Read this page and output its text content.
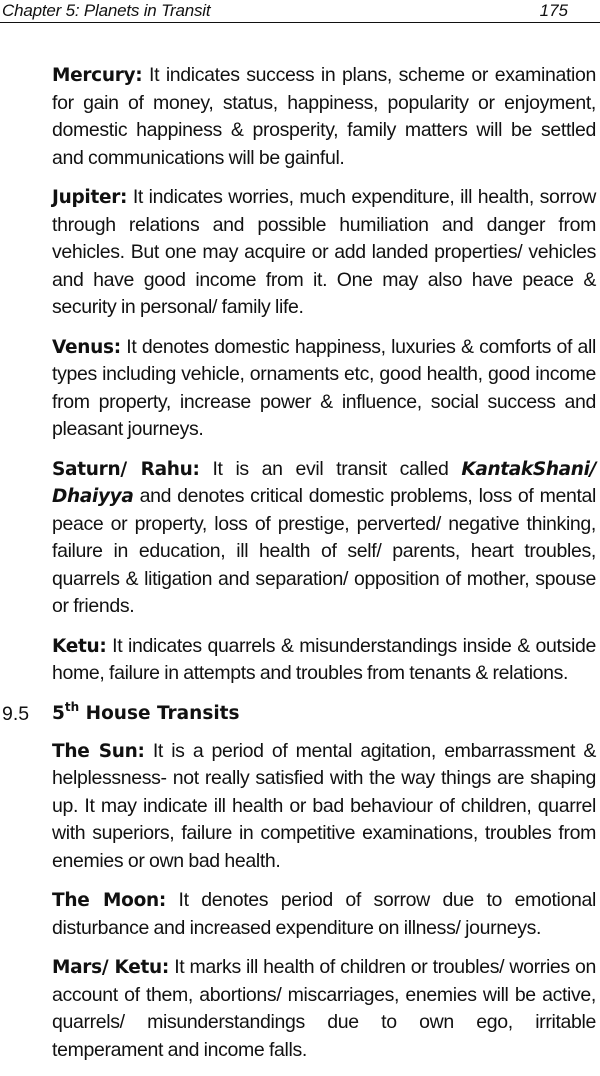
Chapter 5: Planets in Transit	175

Mercury: It indicates success in plans, scheme or examination for gain of money, status, happiness, popularity or enjoyment, domestic happiness & prosperity, family matters will be settled and communications will be gainful.

Jupiter: It indicates worries, much expenditure, ill health, sorrow through relations and possible humiliation and danger from vehicles. But one may acquire or add landed properties/ vehicles and have good income from it. One may also have peace & security in personal/ family life.

Venus: It denotes domestic happiness, luxuries & comforts of all types including vehicle, ornaments etc, good health, good income from property, increase power & influence, social success and pleasant journeys.

Saturn/ Rahu: It is an evil transit called KantakShani/ Dhaiyya and denotes critical domestic problems, loss of mental peace or property, loss of prestige, perverted/ negative thinking, failure in education, ill health of self/ parents, heart troubles, quarrels & litigation and separation/ opposition of mother, spouse or friends.

Ketu: It indicates quarrels & misunderstandings inside & outside home, failure in attempts and troubles from tenants & relations.

9.5 5th House Transits

The Sun: It is a period of mental agitation, embarrassment & helplessness- not really satisfied with the way things are shaping up. It may indicate ill health or bad behaviour of children, quarrel with superiors, failure in competitive examinations, troubles from enemies or own bad health.

The Moon: It denotes period of sorrow due to emotional disturbance and increased expenditure on illness/ journeys.

Mars/ Ketu: It marks ill health of children or troubles/ worries on account of them, abortions/ miscarriages, enemies will be active, quarrels/ misunderstandings due to own ego, irritable temperament and income falls.
